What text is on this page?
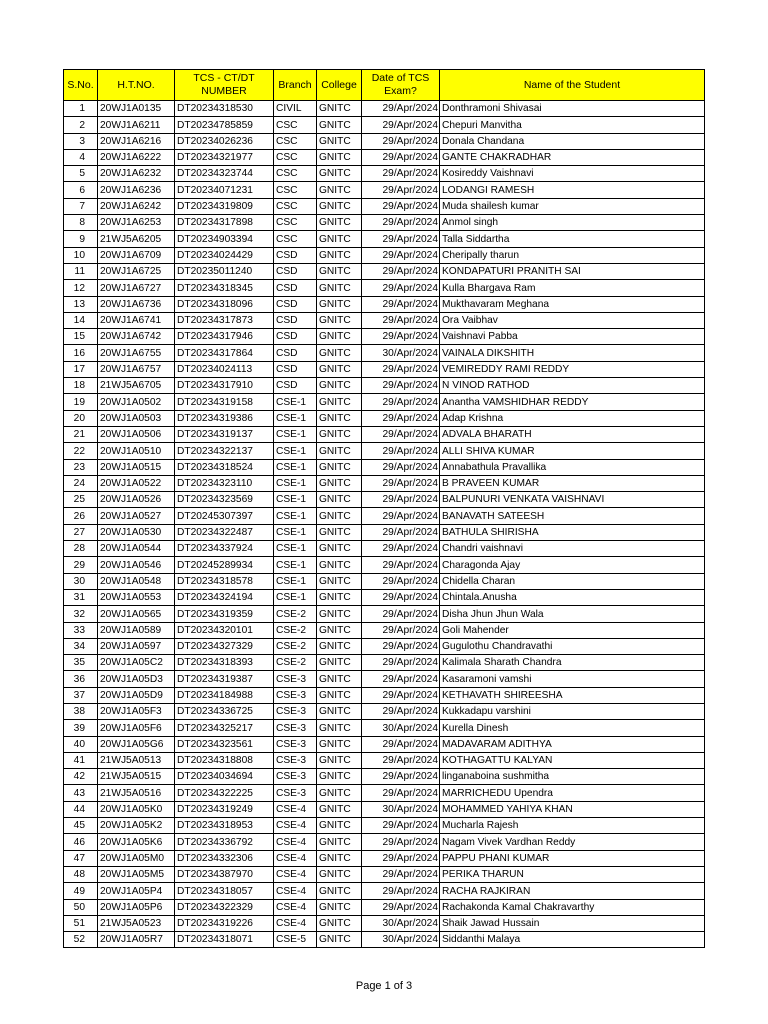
S.No.	H.T.NO.	TCS - CT/DT NUMBER	Branch	College	Date of TCS Exam?	Name of the Student
1	20WJ1A0135	DT20234318530	CIVIL	GNITC	29/Apr/2024	Donthramoni Shivasai
2	20WJ1A6211	DT20234785859	CSC	GNITC	29/Apr/2024	Chepuri Manvitha
3	20WJ1A6216	DT20234026236	CSC	GNITC	29/Apr/2024	Donala Chandana
4	20WJ1A6222	DT20234321977	CSC	GNITC	29/Apr/2024	GANTE CHAKRADHAR
5	20WJ1A6232	DT20234323744	CSC	GNITC	29/Apr/2024	Kosireddy Vaishnavi
6	20WJ1A6236	DT20234071231	CSC	GNITC	29/Apr/2024	LODANGI RAMESH
7	20WJ1A6242	DT20234319809	CSC	GNITC	29/Apr/2024	Muda shailesh kumar
8	20WJ1A6253	DT20234317898	CSC	GNITC	29/Apr/2024	Anmol singh
9	21WJ5A6205	DT20234903394	CSC	GNITC	29/Apr/2024	Talla Siddartha
10	20WJ1A6709	DT20234024429	CSD	GNITC	29/Apr/2024	Cheripally tharun
11	20WJ1A6725	DT20235011240	CSD	GNITC	29/Apr/2024	KONDAPATURI PRANITH SAI
12	20WJ1A6727	DT20234318345	CSD	GNITC	29/Apr/2024	Kulla Bhargava Ram
13	20WJ1A6736	DT20234318096	CSD	GNITC	29/Apr/2024	Mukthavaram Meghana
14	20WJ1A6741	DT20234317873	CSD	GNITC	29/Apr/2024	Ora Vaibhav
15	20WJ1A6742	DT20234317946	CSD	GNITC	29/Apr/2024	Vaishnavi Pabba
16	20WJ1A6755	DT20234317864	CSD	GNITC	30/Apr/2024	VAINALA DIKSHITH
17	20WJ1A6757	DT20234024113	CSD	GNITC	29/Apr/2024	VEMIREDDY RAMI REDDY
18	21WJ5A6705	DT20234317910	CSD	GNITC	29/Apr/2024	N VINOD RATHOD
19	20WJ1A0502	DT20234319158	CSE-1	GNITC	29/Apr/2024	Anantha VAMSHIDHAR REDDY
20	20WJ1A0503	DT20234319386	CSE-1	GNITC	29/Apr/2024	Adap Krishna
21	20WJ1A0506	DT20234319137	CSE-1	GNITC	29/Apr/2024	ADVALA BHARATH
22	20WJ1A0510	DT20234322137	CSE-1	GNITC	29/Apr/2024	ALLI SHIVA KUMAR
23	20WJ1A0515	DT20234318524	CSE-1	GNITC	29/Apr/2024	Annabathula Pravallika
24	20WJ1A0522	DT20234323110	CSE-1	GNITC	29/Apr/2024	B PRAVEEN KUMAR
25	20WJ1A0526	DT20234323569	CSE-1	GNITC	29/Apr/2024	BALPUNURI VENKATA VAISHNAVI
26	20WJ1A0527	DT20245307397	CSE-1	GNITC	29/Apr/2024	BANAVATH SATEESH
27	20WJ1A0530	DT20234322487	CSE-1	GNITC	29/Apr/2024	BATHULA SHIRISHA
28	20WJ1A0544	DT20234337924	CSE-1	GNITC	29/Apr/2024	Chandri vaishnavi
29	20WJ1A0546	DT20245289934	CSE-1	GNITC	29/Apr/2024	Charagonda Ajay
30	20WJ1A0548	DT20234318578	CSE-1	GNITC	29/Apr/2024	Chidella Charan
31	20WJ1A0553	DT20234324194	CSE-1	GNITC	29/Apr/2024	Chintala.Anusha
32	20WJ1A0565	DT20234319359	CSE-2	GNITC	29/Apr/2024	Disha Jhun Jhun Wala
33	20WJ1A0589	DT20234320101	CSE-2	GNITC	29/Apr/2024	Goli Mahender
34	20WJ1A0597	DT20234327329	CSE-2	GNITC	29/Apr/2024	Gugulothu Chandravathi
35	20WJ1A05C2	DT20234318393	CSE-2	GNITC	29/Apr/2024	Kalimala Sharath Chandra
36	20WJ1A05D3	DT20234319387	CSE-3	GNITC	29/Apr/2024	Kasaramoni vamshi
37	20WJ1A05D9	DT20234184988	CSE-3	GNITC	29/Apr/2024	KETHAVATH SHIREESHA
38	20WJ1A05F3	DT20234336725	CSE-3	GNITC	29/Apr/2024	Kukkadapu varshini
39	20WJ1A05F6	DT20234325217	CSE-3	GNITC	30/Apr/2024	Kurella Dinesh
40	20WJ1A05G6	DT20234323561	CSE-3	GNITC	29/Apr/2024	MADAVARAM ADITHYA
41	21WJ5A0513	DT20234318808	CSE-3	GNITC	29/Apr/2024	KOTHAGATTU KALYAN
42	21WJ5A0515	DT20234034694	CSE-3	GNITC	29/Apr/2024	linganaboina sushmitha
43	21WJ5A0516	DT20234322225	CSE-3	GNITC	29/Apr/2024	MARRICHEDU Upendra
44	20WJ1A05K0	DT20234319249	CSE-4	GNITC	30/Apr/2024	MOHAMMED YAHIYA KHAN
45	20WJ1A05K2	DT20234318953	CSE-4	GNITC	29/Apr/2024	Mucharla Rajesh
46	20WJ1A05K6	DT20234336792	CSE-4	GNITC	29/Apr/2024	Nagam Vivek Vardhan Reddy
47	20WJ1A05M0	DT20234332306	CSE-4	GNITC	29/Apr/2024	PAPPU PHANI KUMAR
48	20WJ1A05M5	DT20234387970	CSE-4	GNITC	29/Apr/2024	PERIKA THARUN
49	20WJ1A05P4	DT20234318057	CSE-4	GNITC	29/Apr/2024	RACHA RAJKIRAN
50	20WJ1A05P6	DT20234322329	CSE-4	GNITC	29/Apr/2024	Rachakonda Kamal Chakravarthy
51	21WJ5A0523	DT20234319226	CSE-4	GNITC	30/Apr/2024	Shaik Jawad Hussain
52	20WJ1A05R7	DT20234318071	CSE-5	GNITC	30/Apr/2024	Siddanthi Malaya
Page 1 of 3
